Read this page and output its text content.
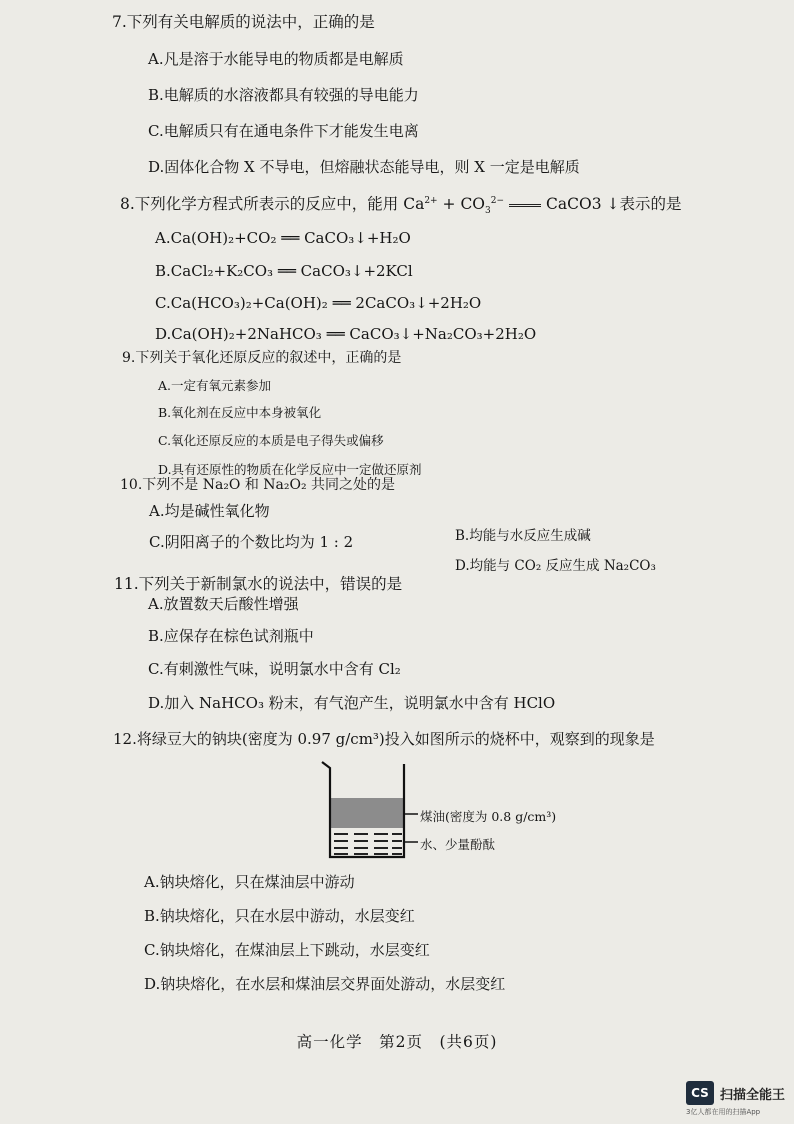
7.下列有关电解质的说法中，正确的是
A.凡是溶于水能导电的物质都是电解质
B.电解质的水溶液都具有较强的导电能力
C.电解质只有在通电条件下才能发生电离
D.固体化合物 X 不导电，但熔融状态能导电，则 X 一定是电解质
8.下列化学方程式所表示的反应中，能用 $Ca^{2+} + CO_3^{2-}$	CaCO3 ↓表示的是
A.Ca(OH)₂+CO₂ ══ CaCO₃↓+H₂O
B.CaCl₂+K₂CO₃ ══ CaCO₃↓+2KCl
C.Ca(HCO₃)₂+Ca(OH)₂ ══ 2CaCO₃↓+2H₂O
D.Ca(OH)₂+2NaHCO₃ ══ CaCO₃↓+Na₂CO₃+2H₂O
9.下列关于氧化还原反应的叙述中，正确的是
A.一定有氧元素参加
B.氧化剂在反应中本身被氧化
C.氧化还原反应的本质是电子得失或偏移
D.具有还原性的物质在化学反应中一定做还原剂
10.下列不是 Na₂O 和 Na₂O₂ 共同之处的是
A.均是碱性氧化物
B.均能与水反应生成碱
C.阴阳离子的个数比均为 1 : 2
D.均能与 CO₂ 反应生成 Na₂CO₃
11.下列关于新制氯水的说法中，错误的是
A.放置数天后酸性增强
B.应保存在棕色试剂瓶中
C.有刺激性气味，说明氯水中含有 Cl₂
D.加入 NaHCO₃ 粉末，有气泡产生，说明氯水中含有 HClO
12.将绿豆大的钠块(密度为 0.97 g/cm³)投入如图所示的烧杯中，观察到的现象是
煤油(密度为 0.8 g/cm³)
水、少量酚酞
A.钠块熔化，只在煤油层中游动
B.钠块熔化，只在水层中游动，水层变红
C.钠块熔化，在煤油层上下跳动，水层变红
D.钠块熔化，在水层和煤油层交界面处游动，水层变红
高一化学　第2页　(共6页)
CS 扫描全能王
3亿人都在用的扫描App
